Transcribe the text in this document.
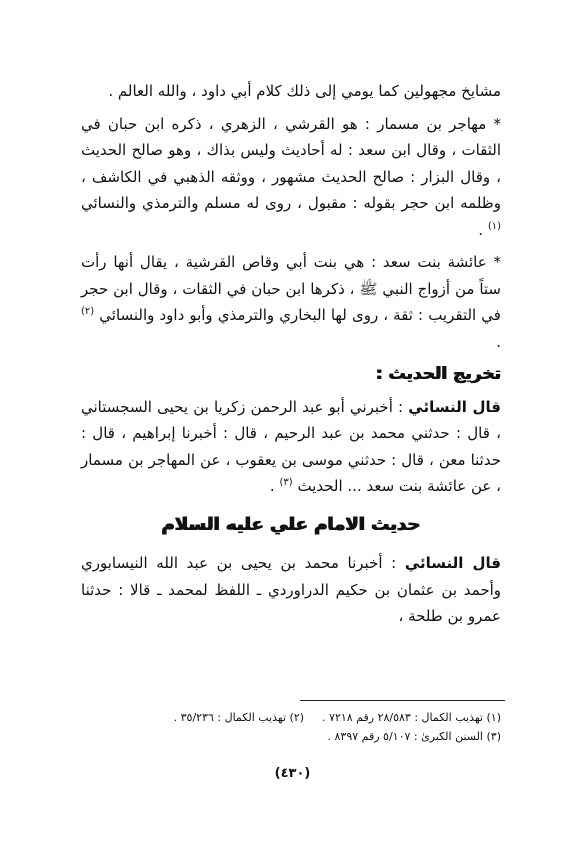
مشايخ مجهولين كما يومي إلى ذلك كلام أبي داود ، والله العالم .

* مهاجر بن مسمار : هو القرشي ، الزهري ، ذكره ابن حبان في الثقات ، وقال ابن سعد : له أحاديث وليس بذاك ، وهو صالح الحديث ، وقال البزار : صالح الحديث مشهور ، ووثقه الذهبي في الكاشف ، وظلمه ابن حجر بقوله : مقبول ، روى له مسلم والترمذي والنسائي $^{(١)}$ .

* عائشة بنت سعد : هي بنت أبي وقاص القرشية ، يقال أنها رأت ستاً من أزواج النبي ﷺ ، ذكرها ابن حبان في الثقات ، وقال ابن حجر في التقريب : ثقة ، روى لها البخاري والترمذي وأبو داود والنسائي $^{(٢)}$ .

تخريج الحديث :

قال النسائي : أخبرني أبو عبد الرحمن زكريا بن يحيى السجستاني ، قال : حدثني محمد بن عبد الرحيم ، قال : أخبرنا إبراهيم ، قال : حدثنا معن ، قال : حدثني موسى بن يعقوب ، عن المهاجر بن مسمار ، عن عائشة بنت سعد ... الحديث $^{(٣)}$ .

حديث الامام علي عليه السلام

قال النسائي : أخبرنا محمد بن يحيى بن عبد الله النيسابوري وأحمد بن عثمان بن حكيم الدراوردي ـ اللفظ لمحمد ـ قالا : حدثنا عمرو بن طلحة ،

(١) تهذيب الكمال : ٢٨/٥٨٣ رقم ٧٢١٨ .
(٢) تهذيب الكمال : ٣٥/٢٣٦ .
(٣) السنن الكبرىٰ : ٥/١٠٧ رقم ٨٣٩٧ .
(٤٣٠)
